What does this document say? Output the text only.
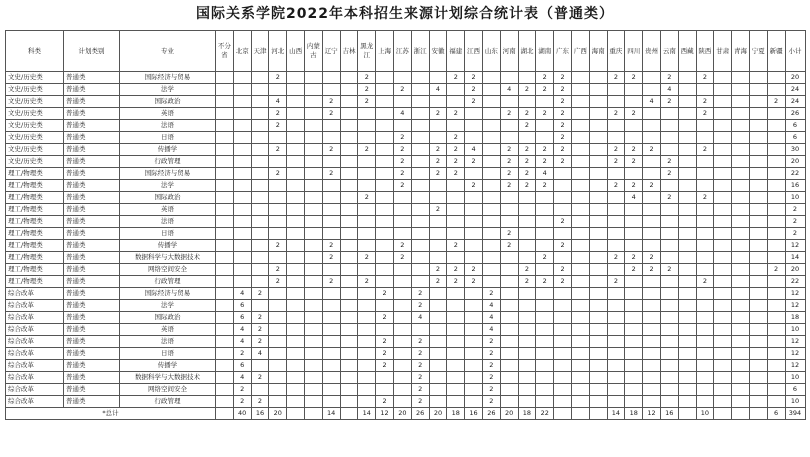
国际关系学院2022年本科招生来源计划综合统计表（普通类）
科类	计划类别	专业	不分省	北京	天津	河北	山西	内蒙古	辽宁	吉林	黑龙江	上海	江苏	浙江	安徽	福建	江西	山东	河南	湖北	湖南	广东	广西	海南	重庆	四川	贵州	云南	西藏	陕西	甘肃	青海	宁夏	新疆	小计
文史/历史类	普通类	国际经济与贸易				2					2					2	2				2	2			2	2		2		2					20
文史/历史类	普通类	法学									2		2		4		2		4	2	2	2						4							24
文史/历史类	普通类	国际政治				4			2		2						2					2					4	2		2				2	24
文史/历史类	普通类	英语				2			2				4		2	2			2	2	2	2			2	2				2					26
文史/历史类	普通类	法语				2														2		2													6
文史/历史类	普通类	日语											2			2						2													6
文史/历史类	普通类	传播学				2			2		2		2		2	2	4		2	2	2	2			2	2	2			2					30
文史/历史类	普通类	行政管理											2		2	2	2		2	2	2	2			2	2		2							20
理工/物理类	普通类	国际经济与贸易				2			2				2		2	2			2	2	4							2							22
理工/物理类	普通类	法学											2				2		2	2	2				2	2	2								16
理工/物理类	普通类	国际政治									2															4		2		2					10
理工/物理类	普通类	英语													2																				2
理工/物理类	普通类	法语																				2													2
理工/物理类	普通类	日语																	2																2
理工/物理类	普通类	传播学				2			2				2			2			2			2													12
理工/物理类	普通类	数据科学与大数据技术							2		2		2								2				2	2	2								14
理工/物理类	普通类	网络空间安全				2									2	2	2			2		2				2	2	2						2	20
理工/物理类	普通类	行政管理				2			2		2				2	2	2			2	2	2			2					2					22
综合改革	普通类	国际经济与贸易		4	2							2		2				2																	12
综合改革	普通类	法学		6										2				4																	12
综合改革	普通类	国际政治		6	2							2		4				4																	18
综合改革	普通类	英语		4	2													4																	10
综合改革	普通类	法语		4	2							2		2				2																	12
综合改革	普通类	日语		2	4							2		2				2																	12
综合改革	普通类	传播学		6								2		2				2																	12
综合改革	普通类	数据科学与大数据技术		4	2									2				2																	10
综合改革	普通类	网络空间安全		2										2				2																	6
综合改革	普通类	行政管理		2	2							2		2				2																	10
*总计				40	16	20			14		14	12	20	26	20	18	16	26	20	18	22				14	18	12	16		10				6	394
